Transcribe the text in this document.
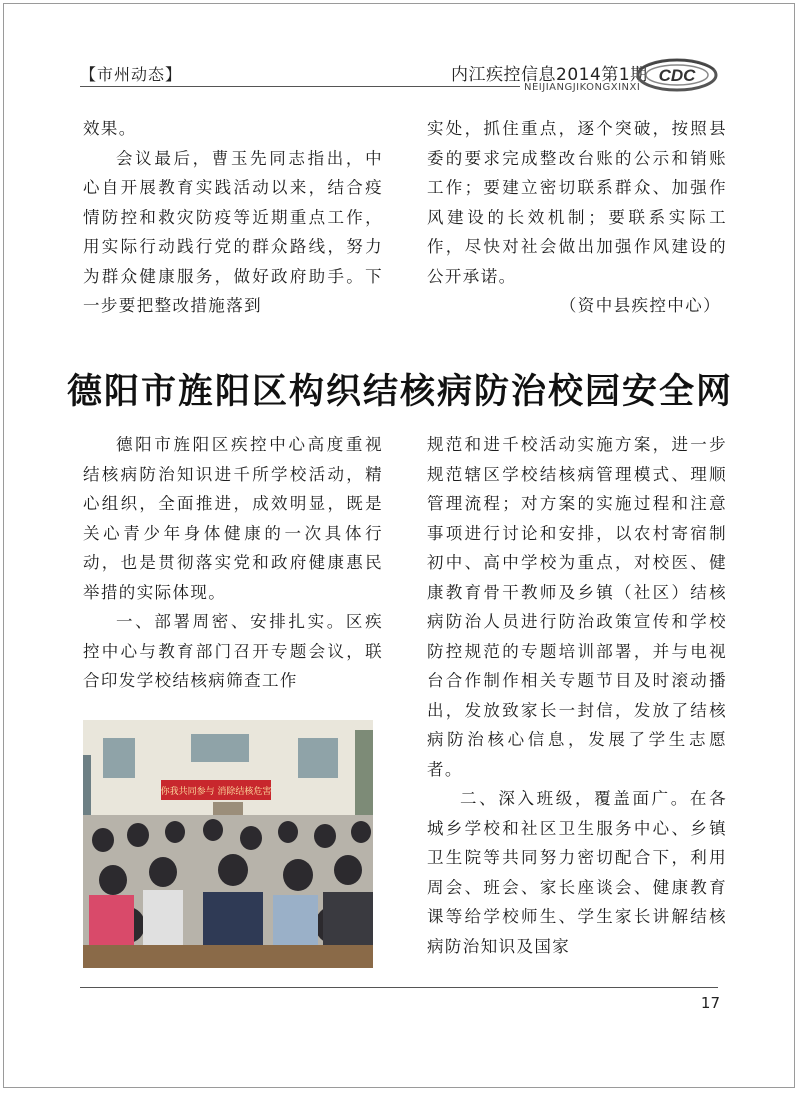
【市州动态】	内江疾控信息2014第1期
NEIJIANGJIKONGXINXI
CDC

效果。

会议最后，曹玉先同志指出，中心自开展教育实践活动以来，结合疫情防控和救灾防疫等近期重点工作，用实际行动践行党的群众路线，努力为群众健康服务，做好政府助手。下一步要把整改措施落到

实处，抓住重点，逐个突破，按照县委的要求完成整改台账的公示和销账工作；要建立密切联系群众、加强作风建设的长效机制；要联系实际工作，尽快对社会做出加强作风建设的公开承诺。

（资中县疾控中心）

德阳市旌阳区构织结核病防治校园安全网

德阳市旌阳区疾控中心高度重视结核病防治知识进千所学校活动，精心组织，全面推进，成效明显，既是关心青少年身体健康的一次具体行动，也是贯彻落实党和政府健康惠民举措的实际体现。

一、部署周密、安排扎实。区疾控中心与教育部门召开专题会议，联合印发学校结核病筛查工作

你我共同参与 消除结核危害

规范和进千校活动实施方案，进一步规范辖区学校结核病管理模式、理顺管理流程；对方案的实施过程和注意事项进行讨论和安排，以农村寄宿制初中、高中学校为重点，对校医、健康教育骨干教师及乡镇（社区）结核病防治人员进行防治政策宣传和学校防控规范的专题培训部署，并与电视台合作制作相关专题节目及时滚动播出，发放致家长一封信，发放了结核病防治核心信息，发展了学生志愿者。

二、深入班级，覆盖面广。在各城乡学校和社区卫生服务中心、乡镇卫生院等共同努力密切配合下，利用周会、班会、家长座谈会、健康教育课等给学校师生、学生家长讲解结核病防治知识及国家

17
